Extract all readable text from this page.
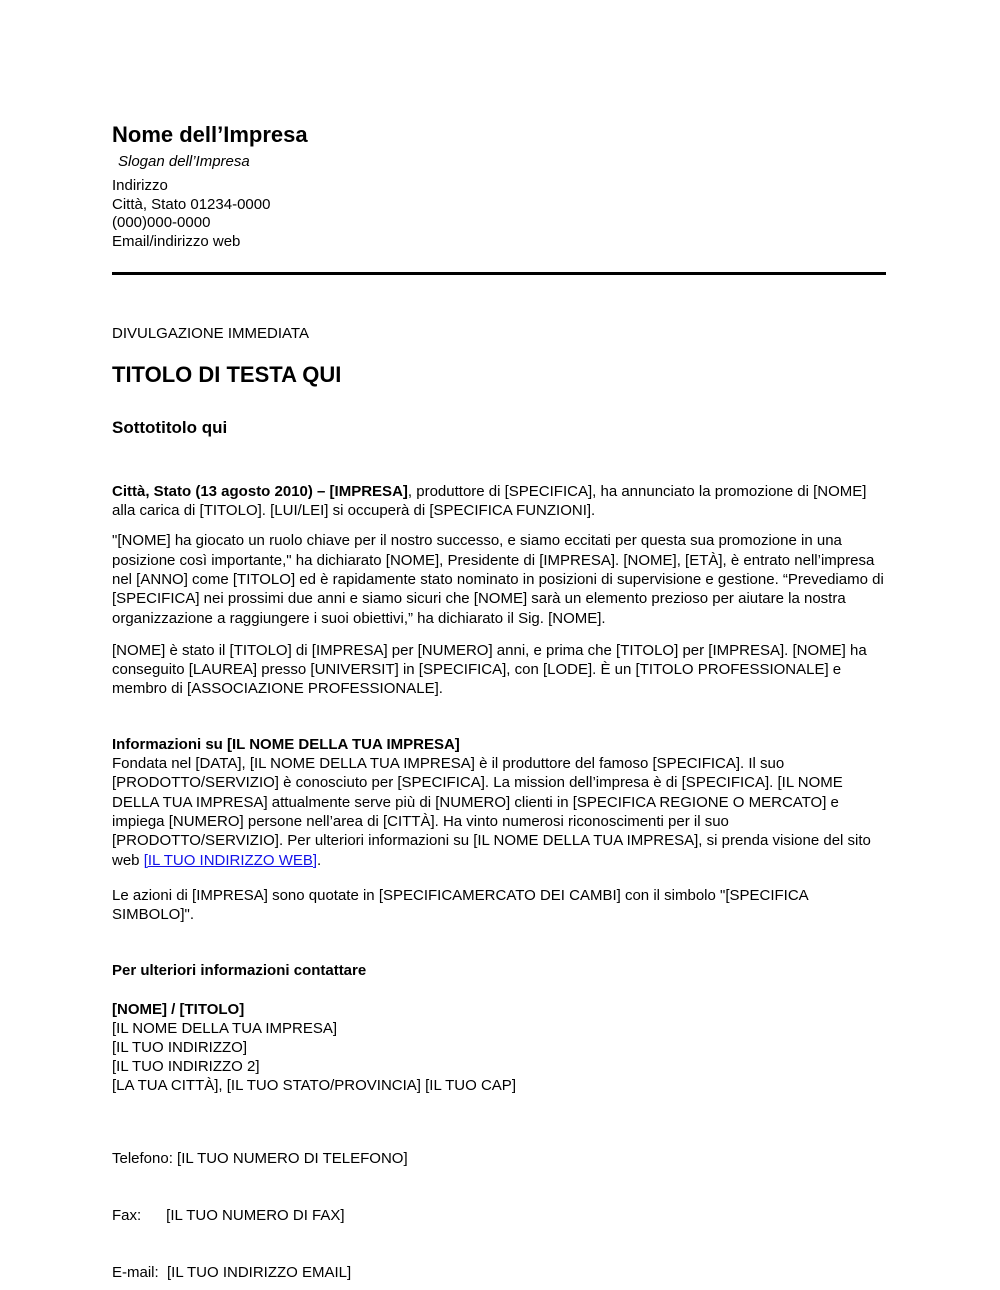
Nome dell’Impresa
Slogan dell’Impresa
Indirizzo
Città, Stato 01234-0000
(000)000-0000
Email/indirizzo web
DIVULGAZIONE IMMEDIATA
TITOLO DI TESTA QUI
Sottotitolo qui

Città, Stato (13 agosto 2010) – [IMPRESA], produttore di [SPECIFICA], ha annunciato la promozione di [NOME] alla carica di [TITOLO]. [LUI/LEI] si occuperà di [SPECIFICA FUNZIONI].

"[NOME] ha giocato un ruolo chiave per il nostro successo, e siamo eccitati per questa sua promozione in una posizione così importante," ha dichiarato [NOME], Presidente di [IMPRESA]. [NOME], [ETÀ], è entrato nell’impresa nel [ANNO] come [TITOLO] ed è rapidamente stato nominato in posizioni di supervisione e gestione. “Prevediamo di [SPECIFICA] nei prossimi due anni e siamo sicuri che [NOME] sarà un elemento prezioso per aiutare la nostra organizzazione a raggiungere i suoi obiettivi,” ha dichiarato il Sig. [NOME].

[NOME] è stato il [TITOLO] di [IMPRESA] per [NUMERO] anni, e prima che [TITOLO] per [IMPRESA]. [NOME] ha conseguito [LAUREA] presso [UNIVERSIT] in [SPECIFICA], con [LODE]. È un [TITOLO PROFESSIONALE] e membro di [ASSOCIAZIONE PROFESSIONALE].

Informazioni su [IL NOME DELLA TUA IMPRESA]

Fondata nel [DATA], [IL NOME DELLA TUA IMPRESA] è il produttore del famoso [SPECIFICA]. Il suo [PRODOTTO/SERVIZIO] è conosciuto per [SPECIFICA]. La mission dell’impresa è di [SPECIFICA]. [IL NOME DELLA TUA IMPRESA] attualmente serve più di [NUMERO] clienti in [SPECIFICA REGIONE O MERCATO] e impiega [NUMERO] persone nell’area di [CITTÀ]. Ha vinto numerosi riconoscimenti per il suo [PRODOTTO/SERVIZIO]. Per ulteriori informazioni su [IL NOME DELLA TUA IMPRESA], si prenda visione del sito web [IL TUO INDIRIZZO WEB].

Le azioni di [IMPRESA] sono quotate in [SPECIFICAMERCATO DEI CAMBI] con il simbolo "[SPECIFICA SIMBOLO]".

Per ulteriori informazioni contattare
[NOME] / [TITOLO]
[IL NOME DELLA TUA IMPRESA]
[IL TUO INDIRIZZO]
[IL TUO INDIRIZZO 2]
[LA TUA CITTÀ], [IL TUO STATO/PROVINCIA] [IL TUO CAP]

Telefono: [IL TUO NUMERO DI TELEFONO]

Fax:      [IL TUO NUMERO DI FAX]

E-mail:  [IL TUO INDIRIZZO EMAIL]
